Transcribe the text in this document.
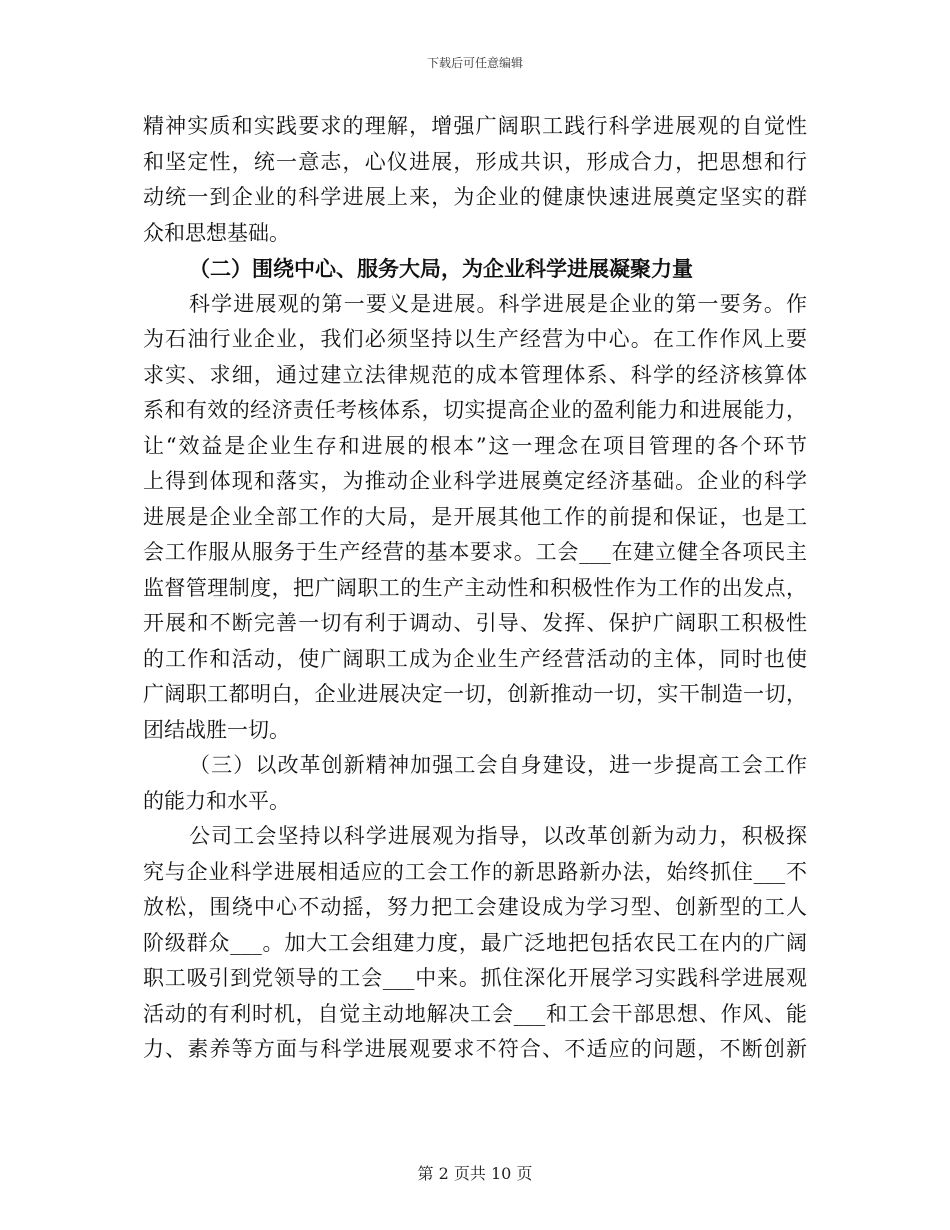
下载后可任意编辑
精神实质和实践要求的理解，增强广阔职工践行科学进展观的自觉性
和坚定性，统一意志，心仪进展，形成共识，形成合力，把思想和行
动统一到企业的科学进展上来，为企业的健康快速进展奠定坚实的群
众和思想基础。
（二）围绕中心、服务大局，为企业科学进展凝聚力量
科学进展观的第一要义是进展。科学进展是企业的第一要务。作
为石油行业企业，我们必须坚持以生产经营为中心。在工作作风上要
求实、求细，通过建立法律规范的成本管理体系、科学的经济核算体
系和有效的经济责任考核体系，切实提高企业的盈利能力和进展能力，
让“效益是企业生存和进展的根本”这一理念在项目管理的各个环节
上得到体现和落实，为推动企业科学进展奠定经济基础。企业的科学
进展是企业全部工作的大局，是开展其他工作的前提和保证，也是工
会工作服从服务于生产经营的基本要求。工会___在建立健全各项民主
监督管理制度，把广阔职工的生产主动性和积极性作为工作的出发点，
开展和不断完善一切有利于调动、引导、发挥、保护广阔职工积极性
的工作和活动，使广阔职工成为企业生产经营活动的主体，同时也使
广阔职工都明白，企业进展决定一切，创新推动一切，实干制造一切，
团结战胜一切。
（三）以改革创新精神加强工会自身建设，进一步提高工会工作
的能力和水平。
公司工会坚持以科学进展观为指导，以改革创新为动力，积极探
究与企业科学进展相适应的工会工作的新思路新办法，始终抓住___不
放松，围绕中心不动摇，努力把工会建设成为学习型、创新型的工人
阶级群众___。加大工会组建力度，最广泛地把包括农民工在内的广阔
职工吸引到党领导的工会___中来。抓住深化开展学习实践科学进展观
活动的有利时机，自觉主动地解决工会___和工会干部思想、作风、能
力、素养等方面与科学进展观要求不符合、不适应的问题，不断创新
第 2 页共 10 页
